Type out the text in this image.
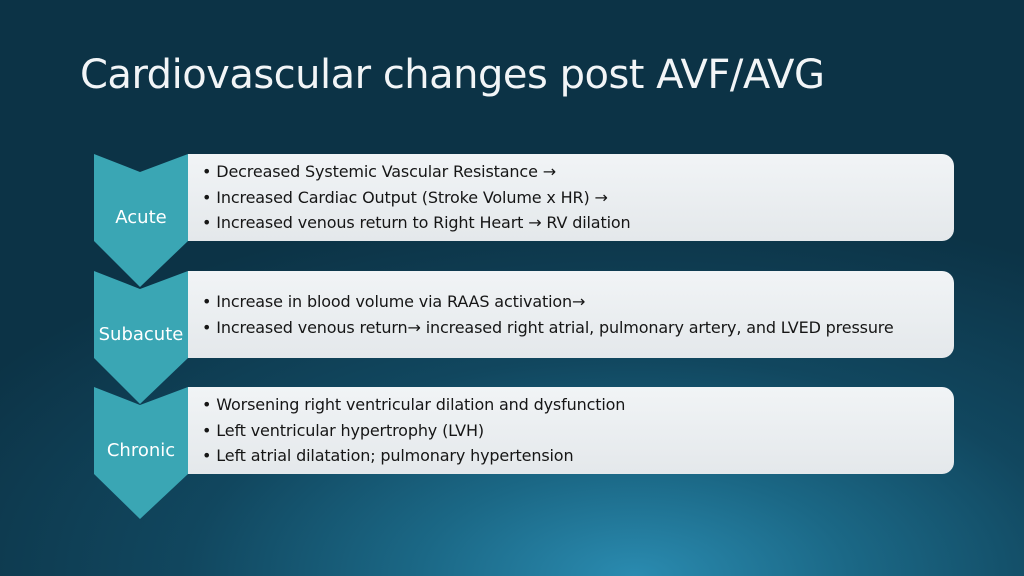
Cardiovascular changes post AVF/AVG
Acute
Subacute
Chronic
• Decreased Systemic Vascular Resistance →
• Increased Cardiac Output (Stroke Volume x HR) →
• Increased venous return to Right Heart → RV dilation
• Increase in blood volume via RAAS activation→
• Increased venous return→ increased right atrial, pulmonary artery, and LVED pressure
• Worsening right ventricular dilation and dysfunction
• Left ventricular hypertrophy (LVH)
• Left atrial dilatation; pulmonary hypertension
